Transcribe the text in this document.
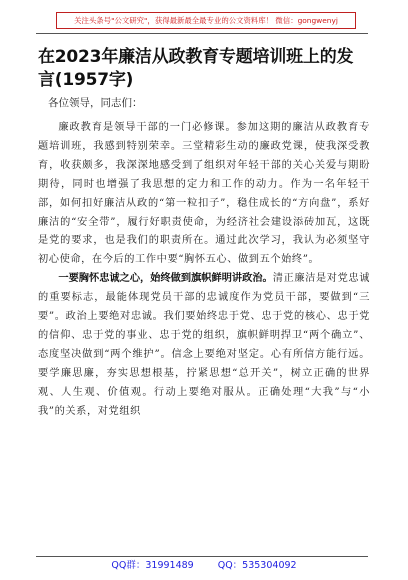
关注头条号"公文研究"，获得最新最全最专业的公文资料库！ 微信：gongwenyj
在2023年廉洁从政教育专题培训班上的发言(1957字)
各位领导，同志们：

廉政教育是领导干部的一门必修课。参加这期的廉洁从政教育专题培训班，我感到特别荣幸。三堂精彩生动的廉政党课，使我深受教育，收获颇多，我深深地感受到了组织对年轻干部的关心关爱与期盼期待，同时也增强了我思想的定力和工作的动力。作为一名年轻干部，如何扣好廉洁从政的“第一粒扣子”，稳住成长的“方向盘”，系好廉洁的“安全带”，履行好职责使命，为经济社会建设添砖加瓦，这既是党的要求，也是我们的职责所在。通过此次学习，我认为必须坚守初心使命，在今后的工作中要“胸怀五心、做到五个始终”。

一要胸怀忠诚之心，始终做到旗帜鲜明讲政治。清正廉洁是对党忠诚的重要标志，最能体现党员干部的忠诚度作为党员干部，要做到“三要”。政治上要绝对忠诚。我们要始终忠于党、忠于党的核心、忠于党的信仰、忠于党的事业、忠于党的组织，旗帜鲜明捍卫“两个确立”、态度坚决做到“两个维护”。信念上要绝对坚定。心有所信方能行远。要学廉思廉，夯实思想根基，拧紧思想“总开关”，树立正确的世界观、人生观、价值观。行动上要绝对服从。正确处理“大我”与“小我”的关系，对党组织

QQ群：31991489	QQ：535304092
